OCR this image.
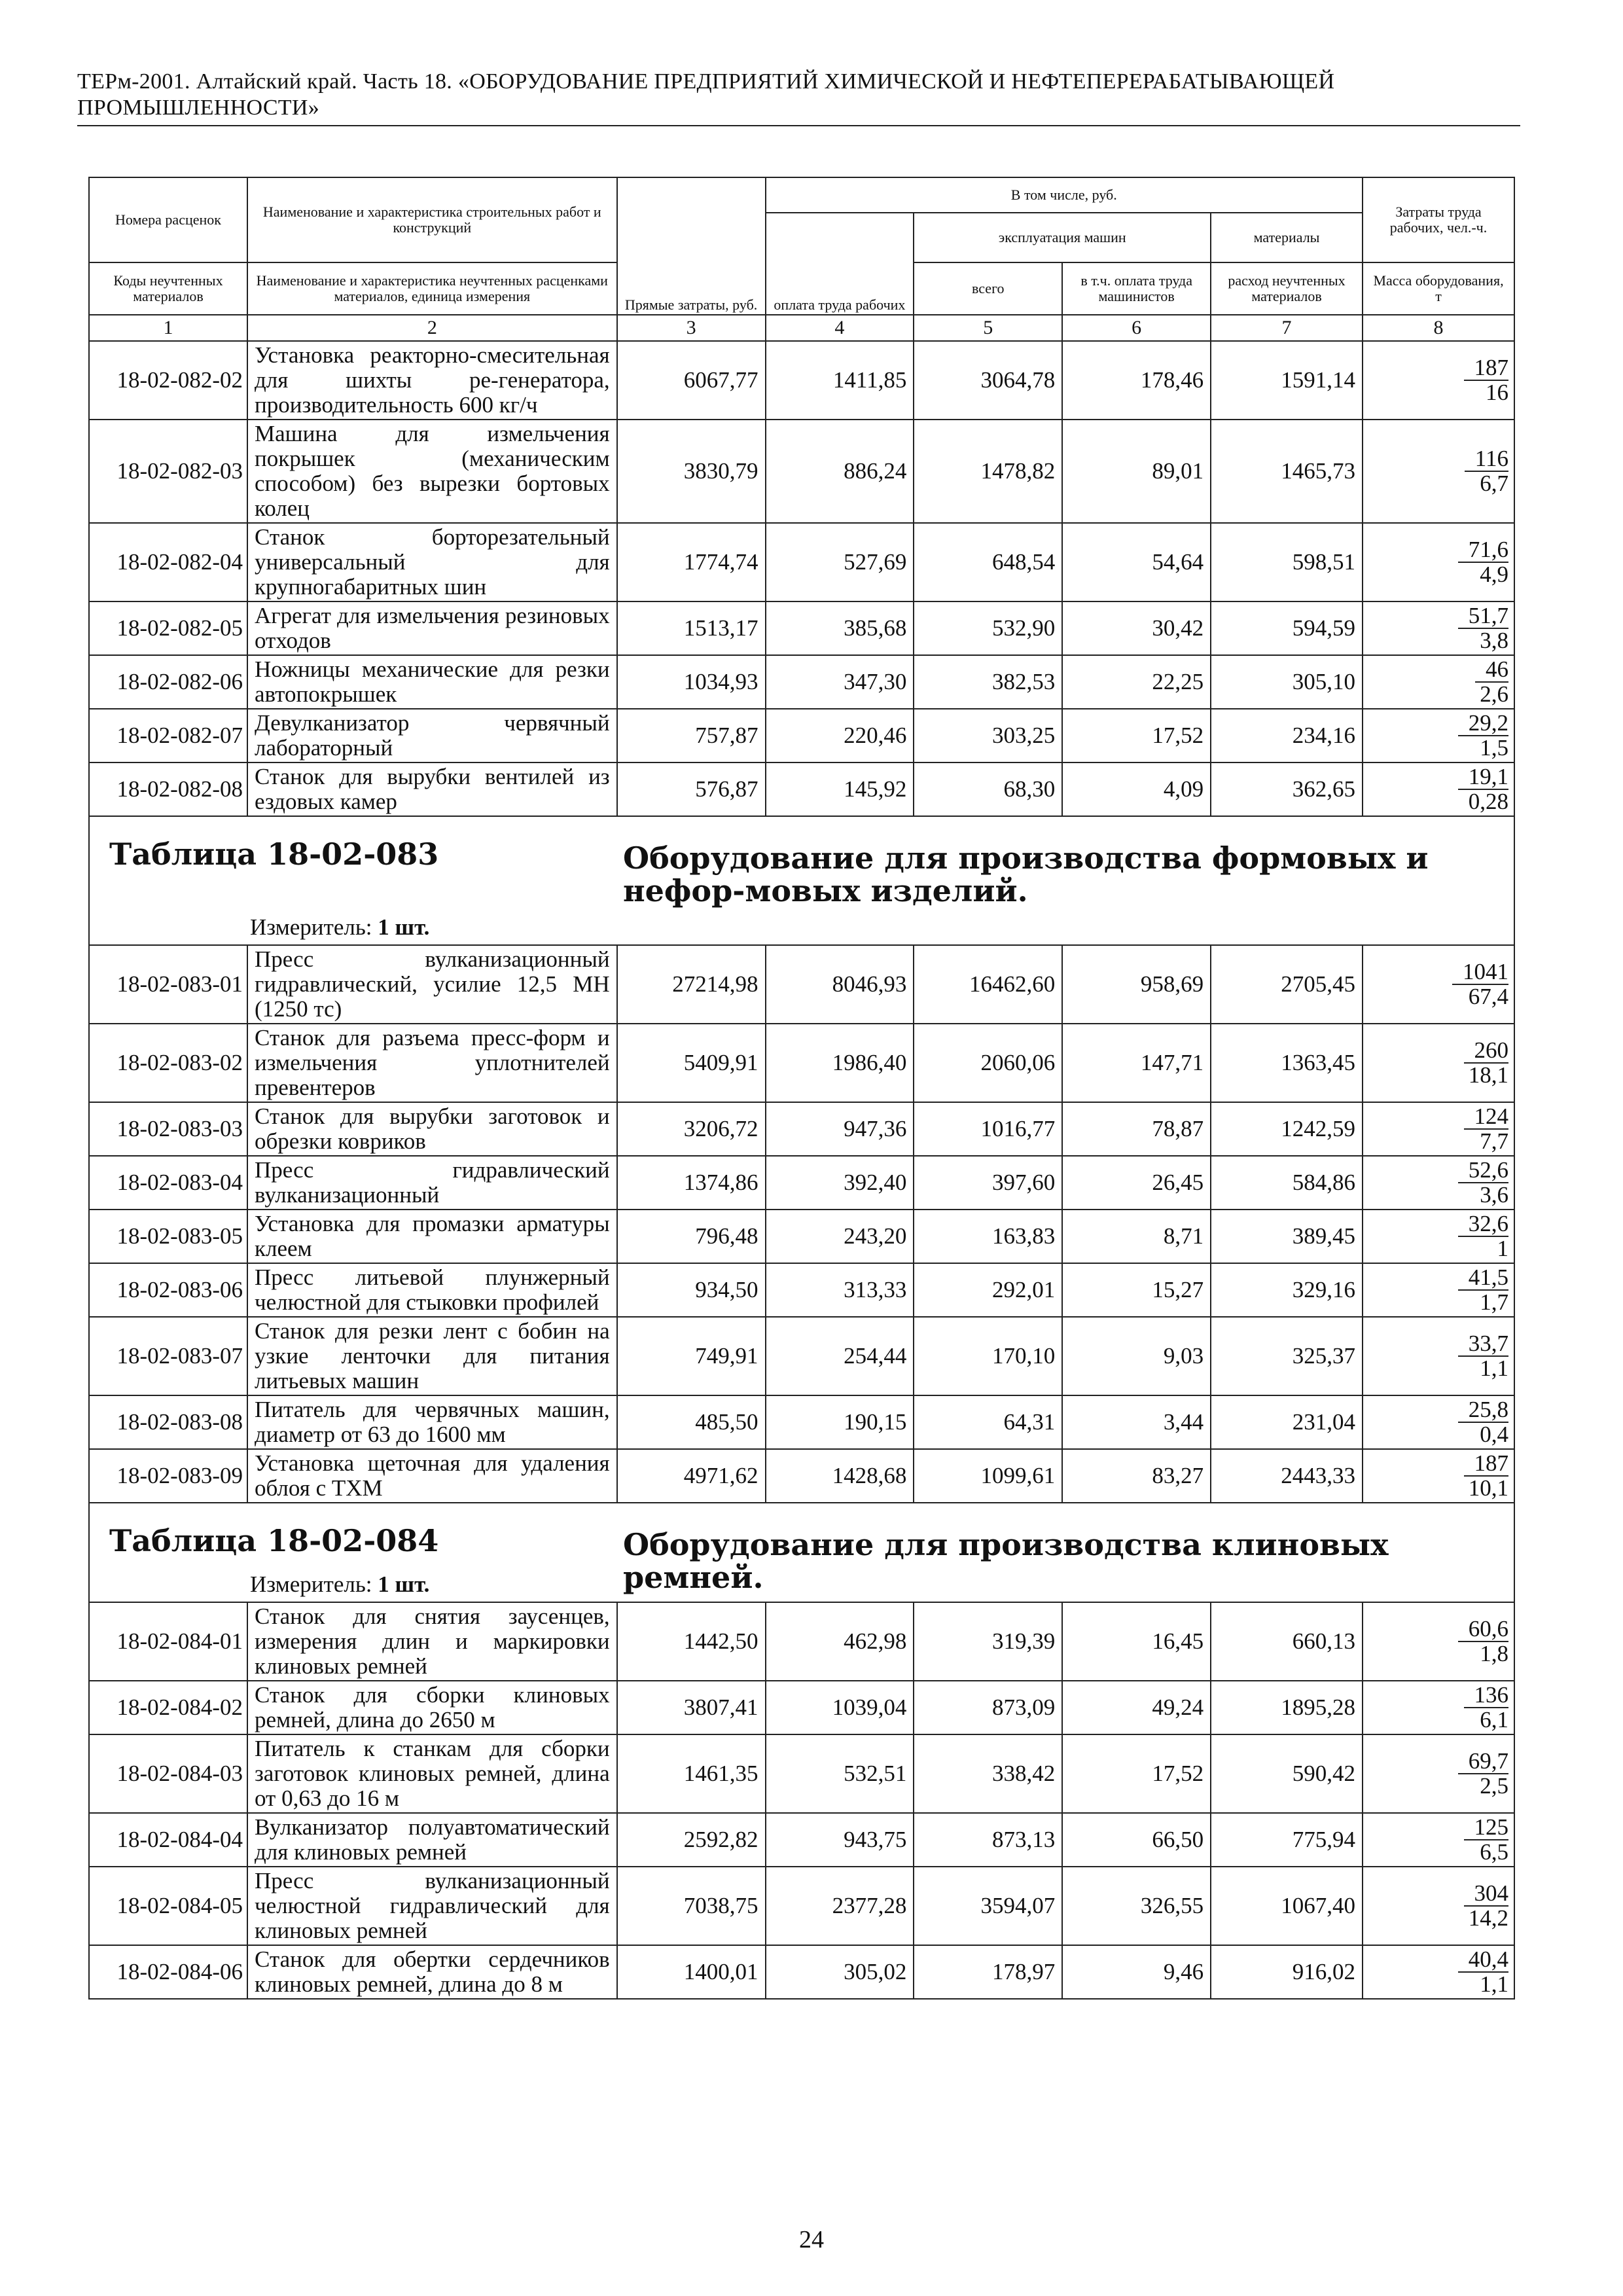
ТЕРм-2001. Алтайский край. Часть 18. «ОБОРУДОВАНИЕ ПРЕДПРИЯТИЙ ХИМИЧЕСКОЙ И НЕФТЕПЕРЕРАБАТЫВАЮЩЕЙ ПРОМЫШЛЕННОСТИ»
Номера расценок	Наименование и характеристика строительных работ и конструкций	Прямые затраты, руб.	В том числе, руб.				Затраты труда рабочих, чел.-ч.
			оплата труда рабочих	эксплуатация машин		материалы	
Коды неучтенных материалов	Наименование и характеристика неучтенных расценками материалов, единица измерения			всего	в т.ч. оплата труда машинистов	расход неучтенных материалов	Масса оборудования, т
1	2	3	4	5	6	7	8
18-02-082-02	Установка реакторно-смесительная для шихты ре-генератора, производительность 600 кг/ч	6067,77	1411,85	3064,78	178,46	1591,14	$\frac{187}{16}$

18-02-082-03	Машина для измельчения покрышек (механическим способом) без вырезки бортовых колец	3830,79	886,24	1478,82	89,01	1465,73	$\frac{116}{6,7}$

18-02-082-04	Станок борторезательный универсальный для крупногабаритных шин	1774,74	527,69	648,54	54,64	598,51	$\frac{71,6}{4,9}$

18-02-082-05	Агрегат для измельчения резиновых отходов	1513,17	385,68	532,90	30,42	594,59	$\frac{51,7}{3,8}$

18-02-082-06	Ножницы механические для резки автопокрышек	1034,93	347,30	382,53	22,25	305,10	$\frac{46}{2,6}$

18-02-082-07	Девулканизатор червячный лабораторный	757,87	220,46	303,25	17,52	234,16	$\frac{29,2}{1,5}$

18-02-082-08	Станок для вырубки вентилей из ездовых камер	576,87	145,92	68,30	4,09	362,65	$\frac{19,1}{0,28}$

Таблица 18-02-083 Оборудование для производства формовых и нефор-мовых изделий.
Измеритель: 1 шт.							

18-02-083-01	Пресс вулканизационный гидравлический, усилие 12,5 МН (1250 тс)	27214,98	8046,93	16462,60	958,69	2705,45	$\frac{1041}{67,4}$

18-02-083-02	Станок для разъема пресс-форм и измельчения уплотнителей превентеров	5409,91	1986,40	2060,06	147,71	1363,45	$\frac{260}{18,1}$

18-02-083-03	Станок для вырубки заготовок и обрезки ковриков	3206,72	947,36	1016,77	78,87	1242,59	$\frac{124}{7,7}$

18-02-083-04	Пресс гидравлический вулканизационный	1374,86	392,40	397,60	26,45	584,86	$\frac{52,6}{3,6}$

18-02-083-05	Установка для промазки арматуры клеем	796,48	243,20	163,83	8,71	389,45	$\frac{32,6}{1}$

18-02-083-06	Пресс литьевой плунжерный челюстной для стыковки профилей	934,50	313,33	292,01	15,27	329,16	$\frac{41,5}{1,7}$

18-02-083-07	Станок для резки лент с бобин на узкие ленточки для питания литьевых машин	749,91	254,44	170,10	9,03	325,37	$\frac{33,7}{1,1}$

18-02-083-08	Питатель для червячных машин, диаметр от 63 до 1600 мм	485,50	190,15	64,31	3,44	231,04	$\frac{25,8}{0,4}$

18-02-083-09	Установка щеточная для удаления облоя с ТХМ	4971,62	1428,68	1099,61	83,27	2443,33	$\frac{187}{10,1}$

Таблица 18-02-084 Оборудование для производства клиновых ремней.
Измеритель: 1 шт.							

18-02-084-01	Станок для снятия заусенцев, измерения длин и маркировки клиновых ремней	1442,50	462,98	319,39	16,45	660,13	$\frac{60,6}{1,8}$

18-02-084-02	Станок для сборки клиновых ремней, длина до 2650 м	3807,41	1039,04	873,09	49,24	1895,28	$\frac{136}{6,1}$

18-02-084-03	Питатель к станкам для сборки заготовок клиновых ремней, длина от 0,63 до 16 м	1461,35	532,51	338,42	17,52	590,42	$\frac{69,7}{2,5}$

18-02-084-04	Вулканизатор полуавтоматический для клиновых ремней	2592,82	943,75	873,13	66,50	775,94	$\frac{125}{6,5}$

18-02-084-05	Пресс вулканизационный челюстной гидравлический для клиновых ремней	7038,75	2377,28	3594,07	326,55	1067,40	$\frac{304}{14,2}$

18-02-084-06	Станок для обертки сердечников клиновых ремней, длина до 8 м	1400,01	305,02	178,97	9,46	916,02	$\frac{40,4}{1,1}$
24
